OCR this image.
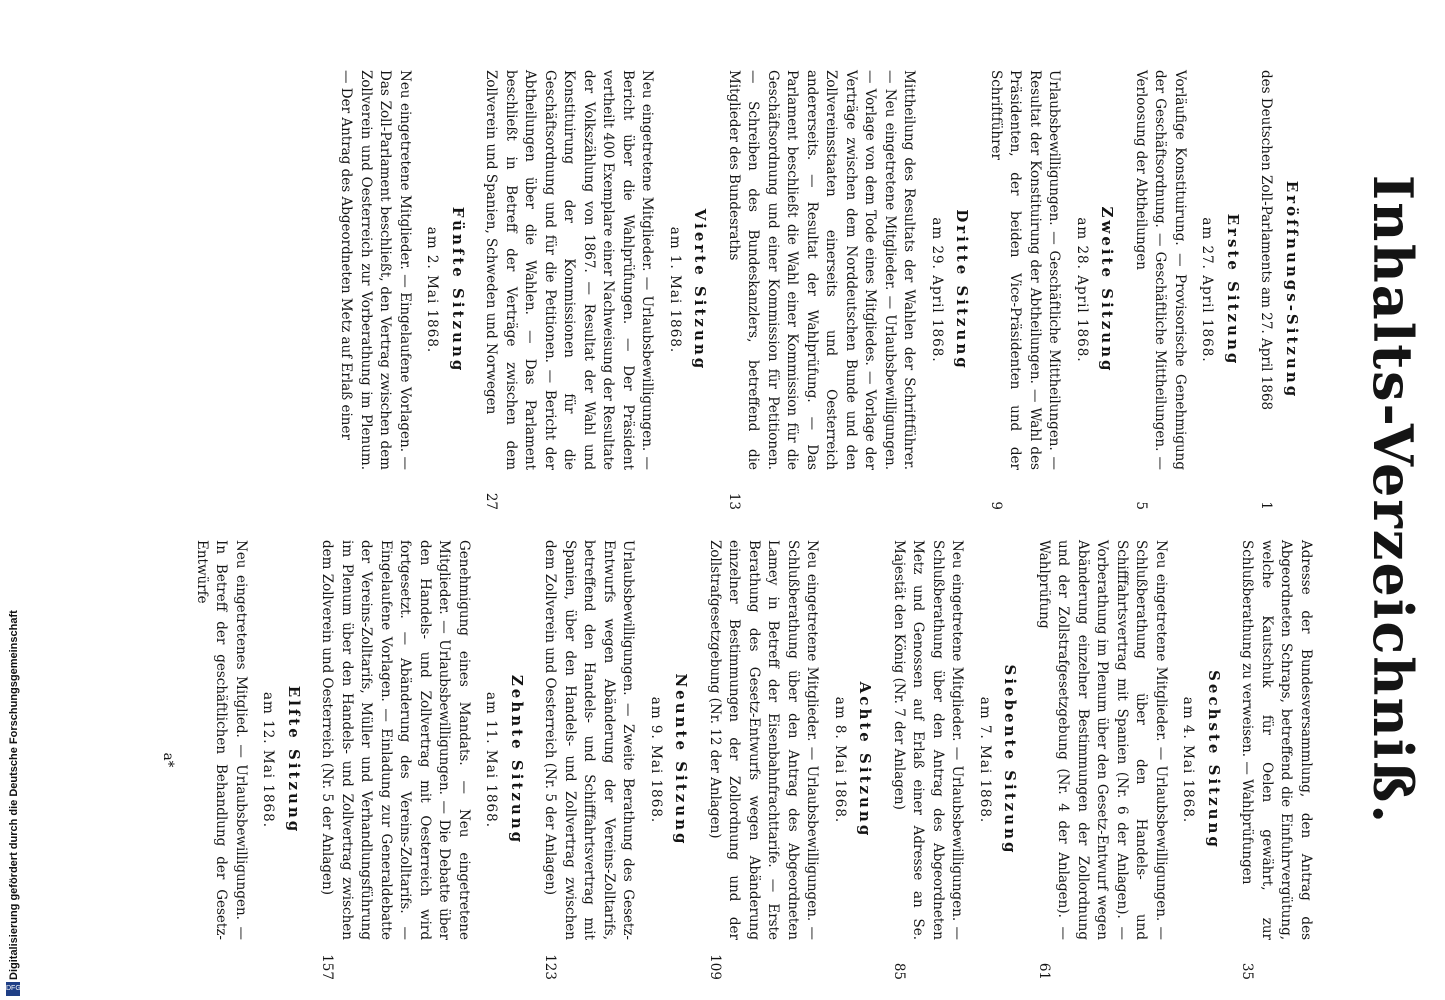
Inhalts-Verzeichniß.
Eröffnungs-Sitzung
des Deutschen Zoll-Parlaments am 27. April 1868
1
Erste Sitzung
am 27. April 1868.
Vorläufige Konstituirung. — Provisorische Genehmigung der Geschäftsordnung. — Geschäftliche Mittheilungen. — Verloosung der Abtheilungen
5
Zweite Sitzung
am 28. April 1868.
Urlaubsbewilligungen. — Geschäftliche Mittheilungen. — Resultat der Konstituirung der Abtheilungen. — Wahl des Präsidenten, der beiden Vice-Präsidenten und der Schriftführer
9
Dritte Sitzung
am 29. April 1868.
Mittheilung des Resultats der Wahlen der Schriftführer. — Neu eingetretene Mitglieder. — Urlaubsbewilligungen. — Vorlage von dem Tode eines Mitgliedes. — Vorlage der Verträge zwischen dem Norddeutschen Bunde und den Zollvereinsstaaten einerseits und Oesterreich andererseits. — Resultat der Wahlprüfung. — Das Parlament beschließt die Wahl einer Kommission für die Geschäftsordnung und einer Kommission für Petitionen. — Schreiben des Bundeskanzlers, betreffend die Mitglieder des Bundesraths
13
Vierte Sitzung
am 1. Mai 1868.
Neu eingetretene Mitglieder. — Urlaubsbewilligungen. — Bericht über die Wahlprüfungen. — Der Präsident vertheilt 400 Exemplare einer Nachweisung der Resultate der Volkszählung von 1867. — Resultat der Wahl und Konstituirung der Kommissionen für die Geschäftsordnung und für die Petitionen. — Bericht der Abtheilungen über die Wahlen. — Das Parlament beschließt in Betreff der Verträge zwischen dem Zollverein und Spanien, Schweden und Norwegen
27
Fünfte Sitzung
am 2. Mai 1868.
Neu eingetretene Mitglieder. — Eingelaufene Vorlagen. — Das Zoll-Parlament beschließt, den Vertrag zwischen dem Zollverein und Oesterreich zur Vorberathung im Plenum. — Der Antrag des Abgeordneten Metz auf Erlaß einer
Adresse der Bundesversammlung, den Antrag des Abgeordneten Schraps, betreffend die Einfuhrvergütung, welche Kautschuk für Oelen gewährt, zur Schlußberathung zu verweisen. — Wahlprüfungen
35
Sechste Sitzung
am 4. Mai 1868.
Neu eingetretene Mitglieder. — Urlaubsbewilligungen. — Schlußberathung über den Handels- und Schifffahrtsvertrag mit Spanien (Nr. 6 der Anlagen). — Vorberathung im Plenum über den Gesetz-Entwurf wegen Abänderung einzelner Bestimmungen der Zollordnung und der Zollstrafgesetzgebung (Nr. 4 der Anlagen). — Wahlprüfung
61
Siebente Sitzung
am 7. Mai 1868.
Neu eingetretene Mitglieder. — Urlaubsbewilligungen. — Schlußberathung über den Antrag des Abgeordneten Metz und Genossen auf Erlaß einer Adresse an Se. Majestät den König (Nr. 7 der Anlagen)
85
Achte Sitzung
am 8. Mai 1868.
Neu eingetretene Mitglieder. — Urlaubsbewilligungen. — Schlußberathung über den Antrag des Abgeordneten Lamey in Betreff der Eisenbahnfrachttarife. — Erste Berathung des Gesetz-Entwurfs wegen Abänderung einzelner Bestimmungen der Zollordnung und der Zollstrafgesetzgebung (Nr. 12 der Anlagen)
109
Neunte Sitzung
am 9. Mai 1868.
Urlaubsbewilligungen. — Zweite Berathung des Gesetz-Entwurfs wegen Abänderung der Vereins-Zolltarifs, betreffend den Handels- und Schifffahrtsvertrag mit Spanien, über den Handels- und Zollvertrag zwischen dem Zollverein und Oesterreich (Nr. 5 der Anlagen)
123
Zehnte Sitzung
am 11. Mai 1868.
Genehmigung eines Mandats. — Neu eingetretene Mitglieder. — Urlaubsbewilligungen. — Die Debatte über den Handels- und Zollvertrag mit Oesterreich wird fortgesetzt. — Abänderung des Vereins-Zolltarifs. — Eingelaufene Vorlagen. — Einladung zur Generaldebatte der Vereins-Zolltarifs, Müller und Verhandlungsführung im Plenum über den Handels- und Zollvertrag zwischen dem Zollverein und Oesterreich (Nr. 5 der Anlagen)
157
Elfte Sitzung
am 12. Mai 1868.
Neu eingetretenes Mitglied. — Urlaubsbewilligungen. — In Betreff der geschäftlichen Behandlung der Gesetz-Entwürfe
a*
Digitalisierung gefördert durch die Deutsche Forschungsgemeinschaft
DFG
